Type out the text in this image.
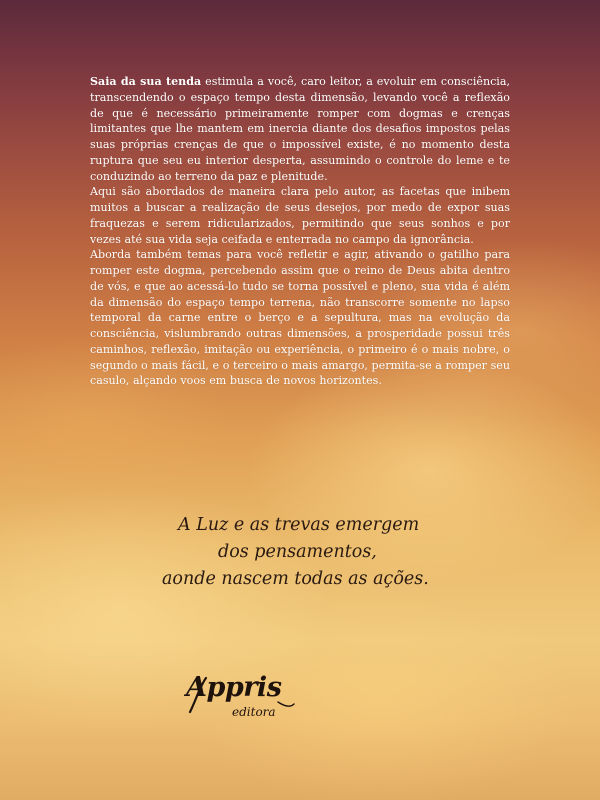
Saia da sua tenda estimula a você, caro leitor, a evoluir em consciência, transcendendo o espaço tempo desta dimensão, levando você a reflexão de que é necessário primeiramente romper com dogmas e crenças limitantes que lhe mantem em inercia diante dos desafios impostos pelas suas próprias crenças de que o impossível existe, é no momento desta ruptura que seu eu interior desperta, assumindo o controle do leme e te conduzindo ao terreno da paz e plenitude.

Aqui são abordados de maneira clara pelo autor, as facetas que inibem muitos a buscar a realização de seus desejos, por medo de expor suas fraquezas e serem ridicularizados, permitindo que seus sonhos e por vezes até sua vida seja ceifada e enterrada no campo da ignorância.

Aborda também temas para você refletir e agir, ativando o gatilho para romper este dogma, percebendo assim que o reino de Deus abita dentro de vós, e que ao acessá-lo tudo se torna possível e pleno, sua vida é além da dimensão do espaço tempo terrena, não transcorre somente no lapso temporal da carne entre o berço e a sepultura, mas na evolução da consciência, vislumbrando outras dimensões, a prosperidade possui três caminhos, reflexão, imitação ou experiência, o primeiro é o mais nobre, o segundo o mais fácil, e o terceiro o mais amargo, permita-se a romper seu casulo, alçando voos em busca de novos horizontes.

A Luz e as trevas emergem
dos pensamentos,
aonde nascem todas as ações.
Appris
editora
